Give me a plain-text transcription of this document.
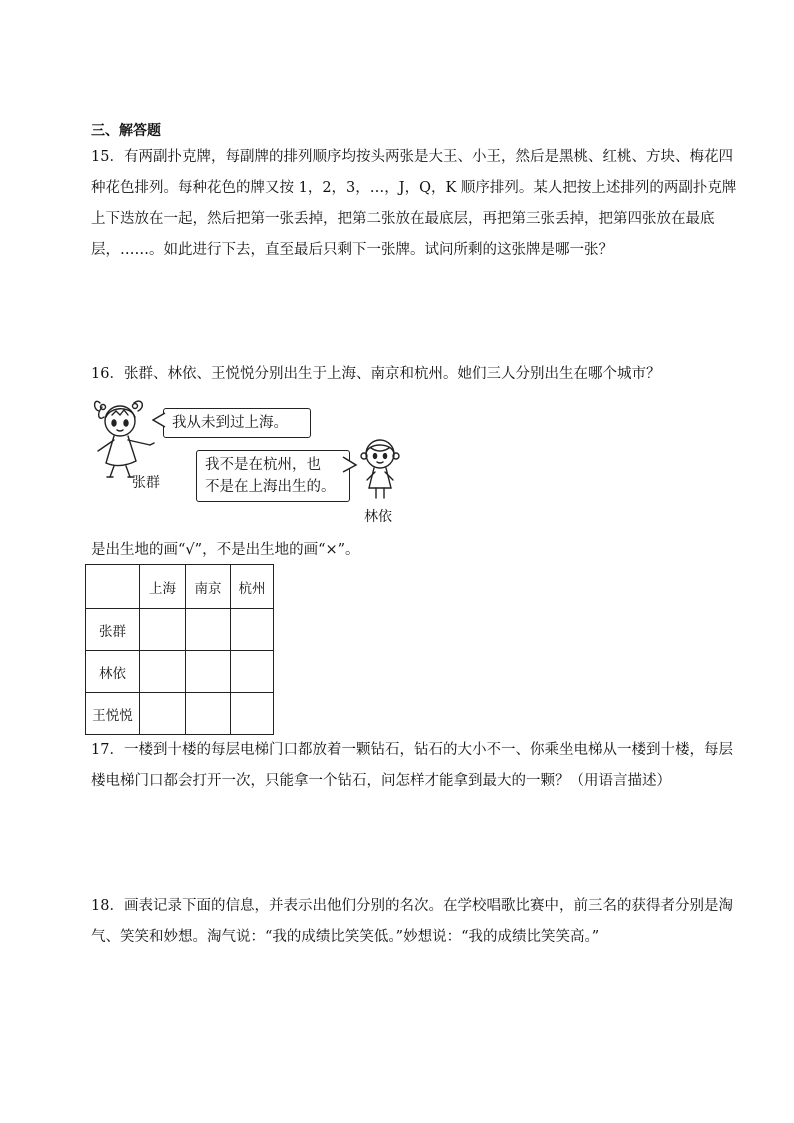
三、解答题
15．有两副扑克牌，每副牌的排列顺序均按头两张是大王、小王，然后是黑桃、红桃、方块、梅花四
种花色排列。每种花色的牌又按 1，2，3，…，J，Q，K 顺序排列。某人把按上述排列的两副扑克牌
上下迭放在一起，然后把第一张丢掉，把第二张放在最底层，再把第三张丢掉，把第四张放在最底
层，……。如此进行下去，直至最后只剩下一张牌。试问所剩的这张牌是哪一张？
16．张群、林依、王悦悦分别出生于上海、南京和杭州。她们三人分别出生在哪个城市？
张群
我从未到过上海。
我不是在杭州，也
不是在上海出生的。
林依
是出生地的画“√”，不是出生地的画“×”。
	上海	南京	杭州
张群			
林依			
王悦悦			
17．一楼到十楼的每层电梯门口都放着一颗钻石，钻石的大小不一、你乘坐电梯从一楼到十楼，每层
楼电梯门口都会打开一次，只能拿一个钻石，问怎样才能拿到最大的一颗？（用语言描述）
18．画表记录下面的信息，并表示出他们分别的名次。在学校唱歌比赛中，前三名的获得者分别是淘
气、笑笑和妙想。淘气说：“我的成绩比笑笑低。”妙想说：“我的成绩比笑笑高。”
